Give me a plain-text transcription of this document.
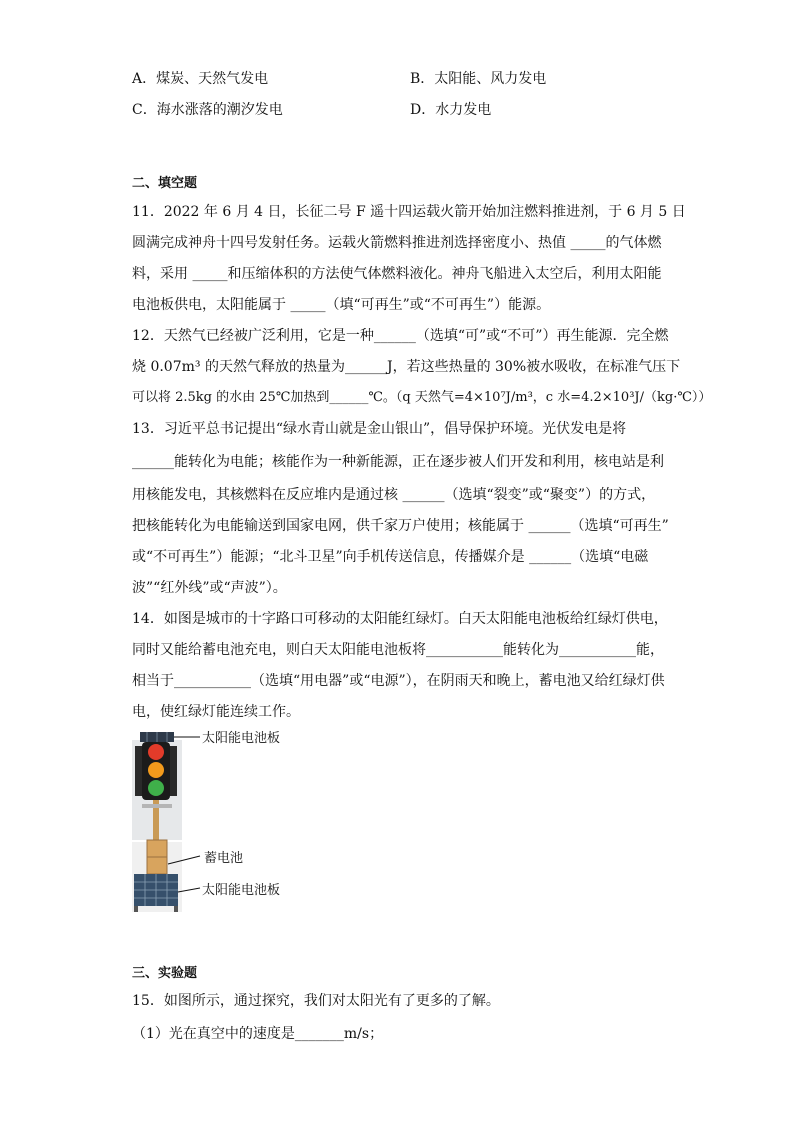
A．煤炭、天然气发电	B．太阳能、风力发电
C．海水涨落的潮汐发电	D．水力发电
二、填空题
11．2022 年 6 月 4 日，长征二号 F 遥十四运载火箭开始加注燃料推进剂，于 6 月 5 日
圆满完成神舟十四号发射任务。运载火箭燃料推进剂选择密度小、热值 _____的气体燃
料，采用 _____和压缩体积的方法使气体燃料液化。神舟飞船进入太空后，利用太阳能
电池板供电，太阳能属于 _____（填“可再生”或“不可再生”）能源。
12．天然气已经被广泛利用，它是一种______（选填“可”或“不可”）再生能源．完全燃
烧 0.07m³ 的天然气释放的热量为______J，若这些热量的 30%被水吸收，在标准气压下
可以将 2.5kg 的水由 25℃加热到______℃。（q 天然气=4×10⁷J/m³，c 水=4.2×10³J/（kg·℃））
13．习近平总书记提出“绿水青山就是金山银山”，倡导保护环境。光伏发电是将
______能转化为电能；核能作为一种新能源，正在逐步被人们开发和利用，核电站是利
用核能发电，其核燃料在反应堆内是通过核 ______（选填“裂变”或“聚变”）的方式，
把核能转化为电能输送到国家电网，供千家万户使用；核能属于 ______（选填“可再生”
或“不可再生”）能源；“北斗卫星”向手机传送信息，传播媒介是 ______（选填“电磁
波”“红外线”或“声波”）。
14．如图是城市的十字路口可移动的太阳能红绿灯。白天太阳能电池板给红绿灯供电，
同时又能给蓄电池充电，则白天太阳能电池板将___________能转化为___________能，
相当于___________（选填“用电器”或“电源”），在阴雨天和晚上，蓄电池又给红绿灯供
电，使红绿灯能连续工作。
太阳能电池板
蓄电池
太阳能电池板
三、实验题
15．如图所示，通过探究，我们对太阳光有了更多的了解。
（1）光在真空中的速度是_______m/s；
